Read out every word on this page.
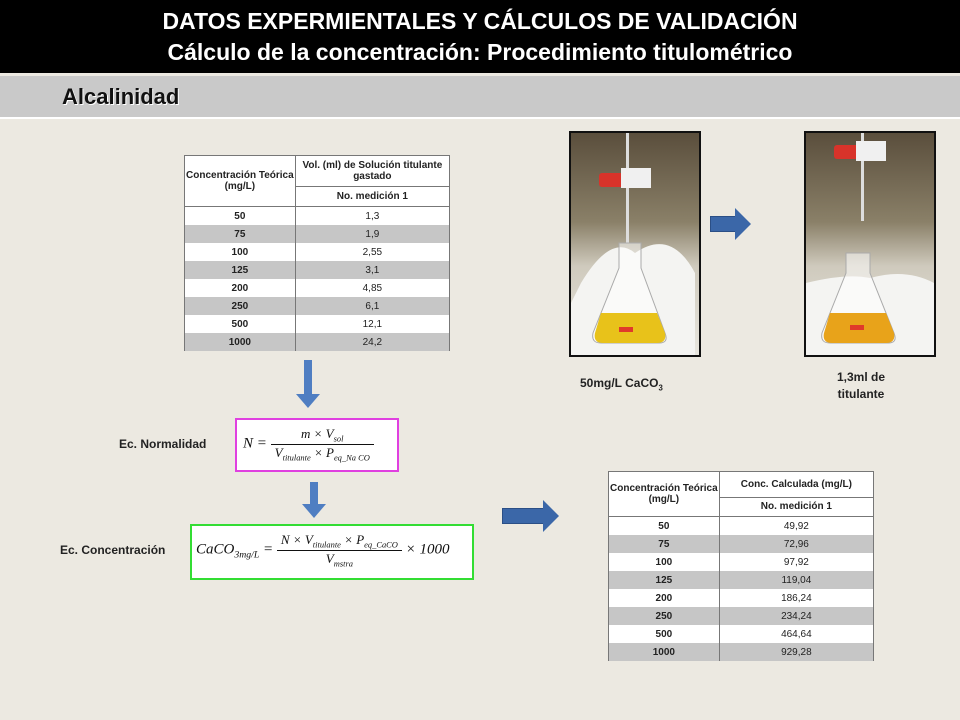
DATOS EXPERMIENTALES Y CÁLCULOS DE VALIDACIÓN
Cálculo de la concentración: Procedimiento titulométrico
Alcalinidad
Concentración Teórica (mg/L)	Vol. (ml) de Solución titulante gastado
	No. medición 1
50	1,3
75	1,9
100	2,55
125	3,1
200	4,85
250	6,1
500	12,1
1000	24,2
Ec. Normalidad $N = \frac{m \times V_{sol}}{V_{titulante} \times P_{eq\_Na CO}}$
Ec. Concentración CaCO$_{3mg/L}$ = $\frac{N \times V_{titulante} \times P_{eq\_CaCO}}{V_{mstra}} \times 1000$
50mg/L CaCO$_3$
1,3ml de
titulante
Concentración Teórica (mg/L)	Conc. Calculada (mg/L)
	No. medición 1
50	49,92
75	72,96
100	97,92
125	119,04
200	186,24
250	234,24
500	464,64
1000	929,28
